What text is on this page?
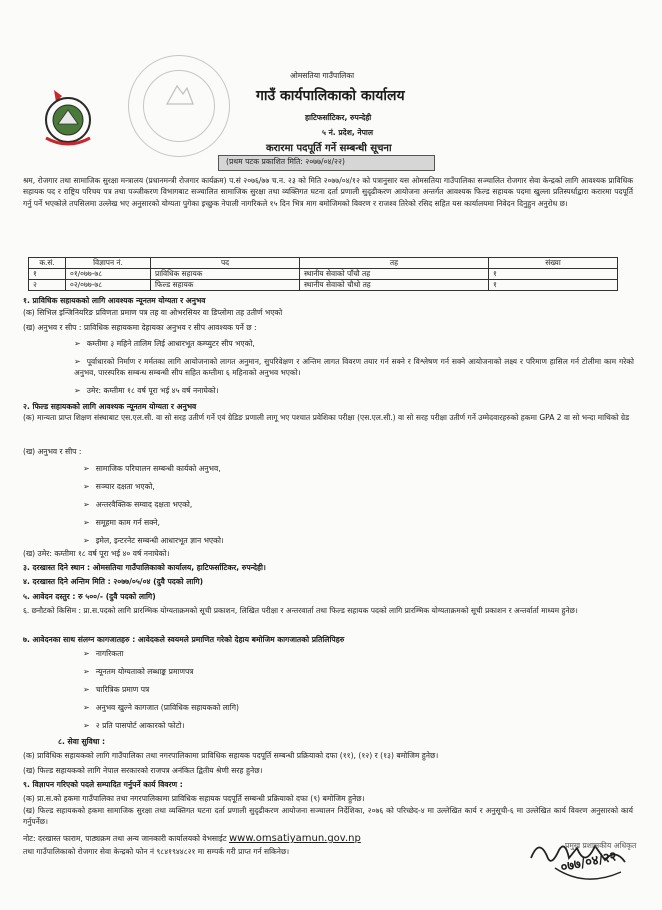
ओमसतिया गाउँपालिका
गाउँ कार्यपालिकाको कार्यालय
हाटिफर्साटिकर, रुपन्देही
५ नं. प्रदेश, नेपाल
करारमा पदपूर्ति गर्ने सम्बन्धी सूचना
(प्रथम पटक प्रकाशित मिति: २०७७/०४/२२)
श्रम, रोजगार तथा सामाजिक सुरक्षा मन्त्रालय (प्रधानमन्त्री रोजगार कार्यक्रम) प.सं २०७६/७७ च.न. २३ को मिति २०७७/०४/१२ को पत्रानुसार यस ओमसतिया गाउँपालिका सञ्चालित रोजगार सेवा केन्द्रको लागि आवश्यक प्राविधिक सहायक पद र राष्ट्रिय परिचय पत्र तथा पञ्जीकरण विभागबाट सञ्चालित सामाजिक सुरक्षा तथा व्यक्तिगत घटना दर्ता प्रणाली सुदृढीकरण आयोजना अन्तर्गत आवश्यक फिल्ड सहायक पदमा खुल्ला प्रतिस्पर्धाद्वारा करारमा पदपूर्ति गर्नु पर्ने भएकोले तपसिलमा उल्लेख भए अनुसारको योग्यता पुगेका इच्छुक नेपाली नागरिकले १५ दिन भित्र माग बमोजिमको विवरण र राजश्व तिरेको रसिद सहित यस कार्यालयमा निवेदन दिनुहुन अनुरोध छ।
क.सं.	विज्ञापन नं.	पद	तह	संख्या
१	०१/०७७-७८	प्राविधिक सहायक	स्थानीय सेवाको पाँचौ तह	१
२	०२/०७७-७८	फिल्ड सहायक	स्थानीय सेवाको चौथो तह	१
१. प्राविधिक सहायकको लागि आवश्यक न्यूनतम योग्यता र अनुभव
(क) सिभिल इन्जिनियरिङ प्रविणता प्रमाण पत्र तह वा ओभरसियर वा डिप्लोमा तह उतीर्ण भएको
(ख) अनुभव र सीप : प्राविधिक सहायकमा देहायका अनुभव र सीप आवश्यक पर्ने छ :
➢ कम्तीमा ३ महिने तालिम लिई आधारभूत कम्प्युटर सीप भएको,
➢ पूर्वाधारको निर्माण र मर्मतका लागि आयोजनाको लागत अनुमान, सुपरिवेक्षण र अन्तिम लागत विवरण तयार गर्न सक्ने र विश्लेषण गर्न सक्ने आयोजनाको लक्ष्य र परिमाण हासिल गर्न टोलीमा काम गरेको अनुभव, पारस्परिक सम्बन्ध सम्बन्धी सीप सहित कम्तीमा ६ महिनाको अनुभव भएको।
➢ उमेर: कम्तीमा १८ वर्ष पूरा भई ४५ वर्ष ननाघेको।
२. फिल्ड सहायकको लागि आवश्यक न्यूनतम योग्यता र अनुभव
(क) मान्यता प्राप्त शिक्षण संस्थाबाट एस.एल.सी. वा सो सरह उतीर्ण गर्ने एवं ग्रेडिङ प्रणाली लागू भए पश्चात प्रवेशिका परीक्षा (एस.एल.सी.) वा सो सरह परीक्षा उतीर्ण गर्ने उम्मेदवारहरुको हकमा GPA 2 वा सो भन्दा माथिको ग्रेड
(ख) अनुभव र सीप :
➢ सामाजिक परिचालन सम्बन्धी कार्यको अनुभव,
➢ सञ्चार दक्षता भएको,
➢ अन्तरवैक्तिक सम्वाद दक्षता भएको,
➢ समूहमा काम गर्न सक्ने,
➢ इमेल, इन्टरनेट सम्बन्धी आधारभूत ज्ञान भएको।
(ख) उमेर: कम्तीमा १८ वर्ष पूरा भई ४० वर्ष ननाघेको।
३. दरखास्त दिने स्थान : ओमसतिया गाउँपालिकाको कार्यालय, हाटिफर्साटिकर, रुपन्देही।
४. दरखास्त दिने अन्तिम मिति : २०७७/०५/०४ (दुवै पदको लागि)
५. आवेदन दस्तुर : रु ५००/- (दुवै पदको लागि)
६. छनौटको किसिम : प्रा.स.पदको लागि प्रारम्भिक योग्यताक्रमको सूची प्रकाशन, लिखित परीक्षा र अन्तरवार्ता तथा फिल्ड सहायक पदको लागि प्रारम्भिक योग्यताक्रमको सूची प्रकाशन र अन्तर्वार्ता माध्यम हुनेछ।
७. आवेदनका साथ संलग्न कागजातहरु : आवेदकले स्वयमले प्रमाणित गरेको देहाय बमोजिम कागजातको प्रतिलिपिहरु
➢ नागरिकता
➢ न्यूनतम योग्यताको लब्धाङ्क प्रमाणपत्र
➢ चारित्रिक प्रमाण पत्र
➢ अनुभव खुल्ने कागजात (प्राविधिक सहायकको लागि)
➢ २ प्रति पासपोर्ट आकारको फोटो।
८. सेवा सुविधा :
(क) प्राविधिक सहायकको लागि गाउँपालिका तथा नगरपालिकामा प्राविधिक सहायक पदपूर्ति सम्बन्धी प्रक्रियाको दफा (११), (१२) र (१३) बमोजिम हुनेछ।
(ख) फिल्ड सहायकको लागि नेपाल सरकारको राजपत्र अनंकित द्वितीय श्रेणी सरह हुनेछ।
९. विज्ञापन गरिएको पदले सम्पादित गर्नुपर्ने कार्य विवरण :
(क) प्रा.स.को हकमा गाउँपालिका तथा नगरपालिकामा प्राविधिक सहायक पदपूर्ति सम्बन्धी प्रक्रियाको दफा (९) बमोजिम हुनेछ।
(ख) फिल्ड सहायकको हकमा सामाजिक सुरक्षा तथा व्यक्तिगत घटना दर्ता प्रणाली सुदृढीकरण आयोजना सञ्चालन निर्देशिका, २०७६ को परिच्छेद-४ मा उल्लेखित कार्य र अनुसूची-६ मा उल्लेखित कार्य विवरण अनुसारको कार्य गर्नुपर्नेछ।
नोट: दरखास्त फाराम, पाठ्यक्रम तथा अन्य जानकारी कार्यालयको वेभसाईट www.omsatiyamun.gov.np
तथा गाउँपालिकाको रोजगार सेवा केन्द्रको फोन नं ९८४१९४४८२१ मा सम्पर्क गरी प्राप्त गर्न सकिनेछ।	०७७/०४/२२
प्रमुख प्रशासकीय अधिकृत
